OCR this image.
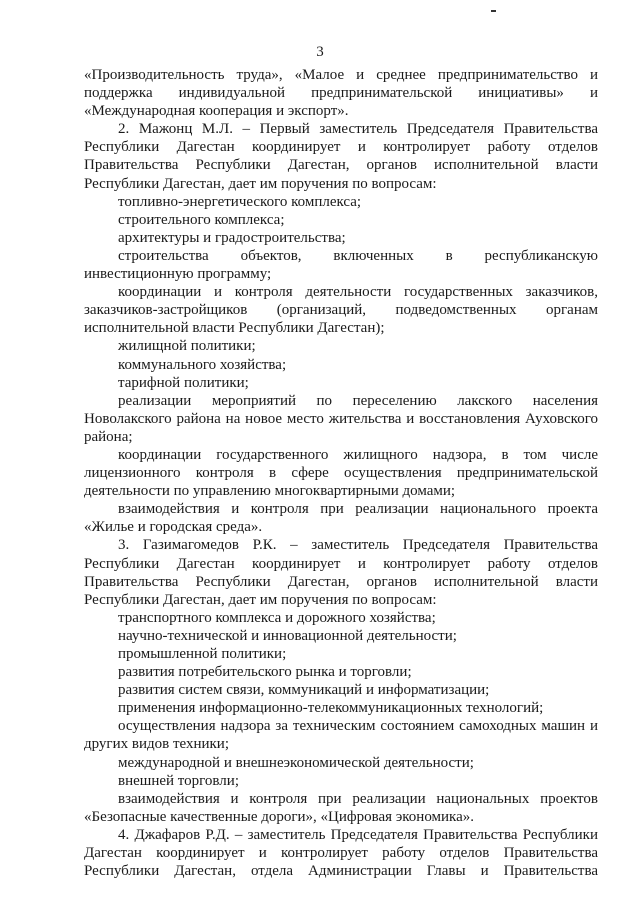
3

«Производительность труда», «Малое и среднее предпринимательство и поддержка индивидуальной предпринимательской инициативы» и «Международная кооперация и экспорт».

2. Мажонц М.Л. – Первый заместитель Председателя Правительства Республики Дагестан координирует и контролирует работу отделов Правительства Республики Дагестан, органов исполнительной власти Республики Дагестан, дает им поручения по вопросам:

топливно-энергетического комплекса;

строительного комплекса;

архитектуры и градостроительства;

строительства объектов, включенных в республиканскую инвестиционную программу;

координации и контроля деятельности государственных заказчиков, заказчиков-застройщиков (организаций, подведомственных органам исполнительной власти Республики Дагестан);

жилищной политики;

коммунального хозяйства;

тарифной политики;

реализации мероприятий по переселению лакского населения Новолакского района на новое место жительства и восстановления Ауховского района;

координации государственного жилищного надзора, в том числе лицензионного контроля в сфере осуществления предпринимательской деятельности по управлению многоквартирными домами;

взаимодействия и контроля при реализации национального проекта «Жилье и городская среда».

3. Газимагомедов Р.К. – заместитель Председателя Правительства Республики Дагестан координирует и контролирует работу отделов Правительства Республики Дагестан, органов исполнительной власти Республики Дагестан, дает им поручения по вопросам:

транспортного комплекса и дорожного хозяйства;

научно-технической и инновационной деятельности;

промышленной политики;

развития потребительского рынка и торговли;

развития систем связи, коммуникаций и информатизации;

применения информационно-телекоммуникационных технологий;

осуществления надзора за техническим состоянием самоходных машин и других видов техники;

международной и внешнеэкономической деятельности;

внешней торговли;

взаимодействия и контроля при реализации национальных проектов «Безопасные качественные дороги», «Цифровая экономика».

4. Джафаров Р.Д. – заместитель Председателя Правительства Республики Дагестан координирует и контролирует работу отделов Правительства Республики Дагестан, отдела Администрации Главы и Правительства
